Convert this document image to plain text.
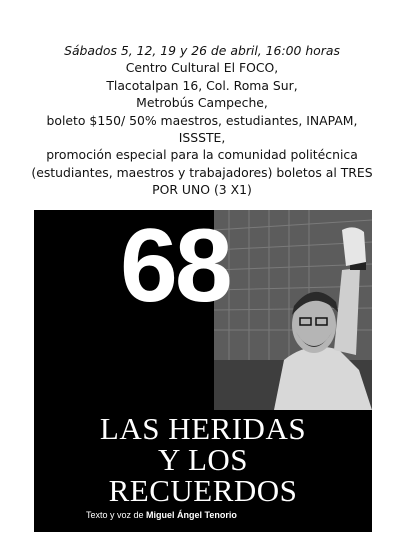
Sábados 5, 12, 19 y 26 de abril, 16:00 horas
Centro Cultural El FOCO,
Tlacotalpan 16, Col. Roma Sur,
Metrobús Campeche,
boleto $150/ 50% maestros, estudiantes, INAPAM,
ISSSTE,
promoción especial para la comunidad politécnica
(estudiantes, maestros y trabajadores) boletos al TRES
POR UNO (3 X1)
68
LAS HERIDAS
Y LOS
RECUERDOS
Texto y voz de Miguel Ángel Tenorio
